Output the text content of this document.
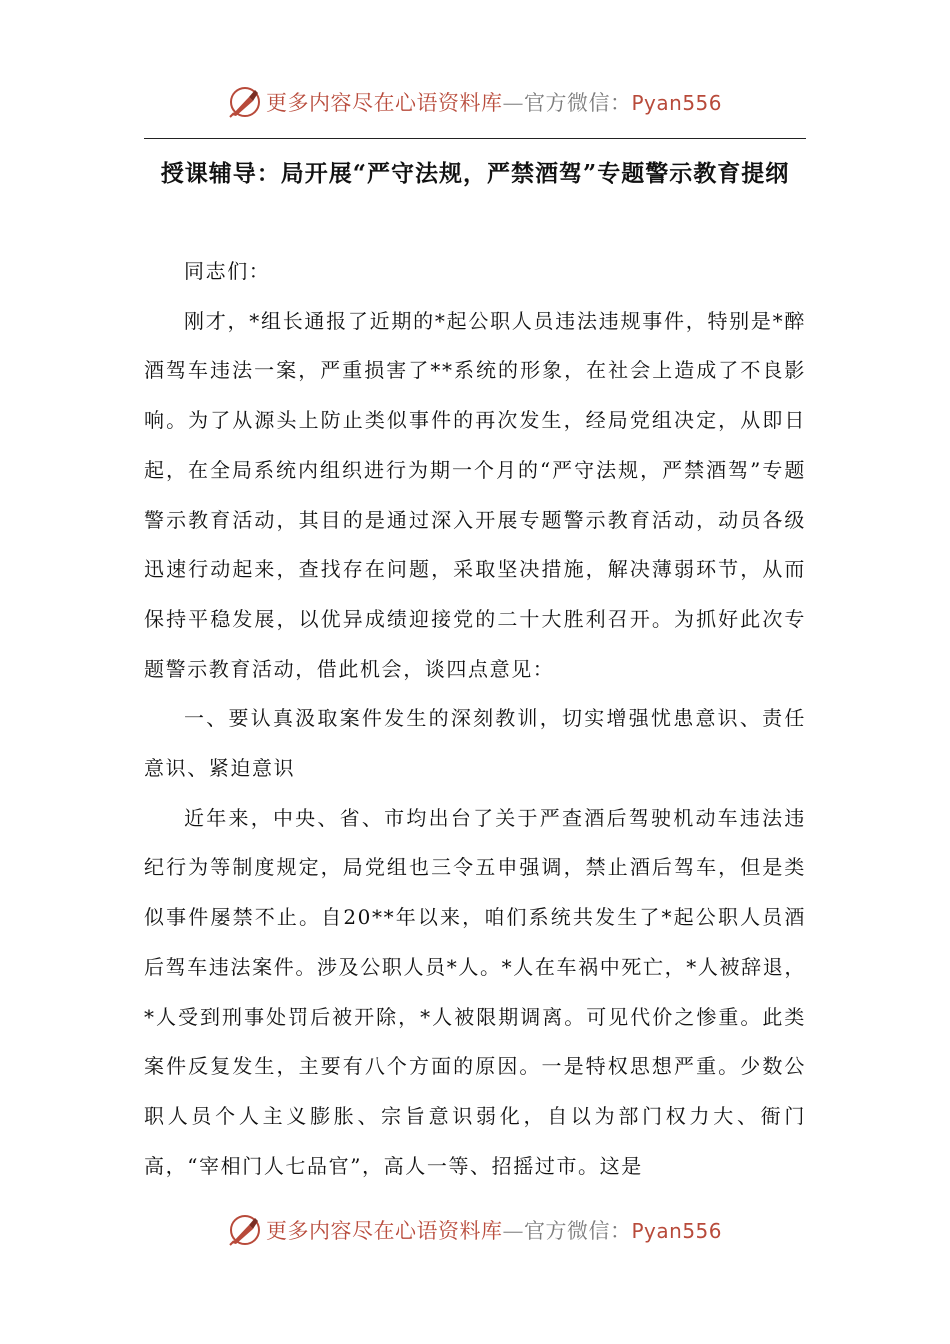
更多内容尽在心语资料库—官方微信：Pyan556
授课辅导：局开展“严守法规，严禁酒驾”专题警示教育提纲

同志们：

刚才，*组长通报了近期的*起公职人员违法违规事件，特别是*醉酒驾车违法一案，严重损害了**系统的形象，在社会上造成了不良影响。为了从源头上防止类似事件的再次发生，经局党组决定，从即日起，在全局系统内组织进行为期一个月的“严守法规，严禁酒驾”专题警示教育活动，其目的是通过深入开展专题警示教育活动，动员各级迅速行动起来，查找存在问题，采取坚决措施，解决薄弱环节，从而保持平稳发展，以优异成绩迎接党的二十大胜利召开。为抓好此次专题警示教育活动，借此机会，谈四点意见：

一、要认真汲取案件发生的深刻教训，切实增强忧患意识、责任意识、紧迫意识

近年来，中央、省、市均出台了关于严查酒后驾驶机动车违法违纪行为等制度规定，局党组也三令五申强调，禁止酒后驾车，但是类似事件屡禁不止。自20**年以来，咱们系统共发生了*起公职人员酒后驾车违法案件。涉及公职人员*人。*人在车祸中死亡，*人被辞退，*人受到刑事处罚后被开除，*人被限期调离。可见代价之惨重。此类案件反复发生，主要有八个方面的原因。一是特权思想严重。少数公职人员个人主义膨胀、宗旨意识弱化，自以为部门权力大、衙门高，“宰相门人七品官”，高人一等、招摇过市。这是

更多内容尽在心语资料库—官方微信：Pyan556
